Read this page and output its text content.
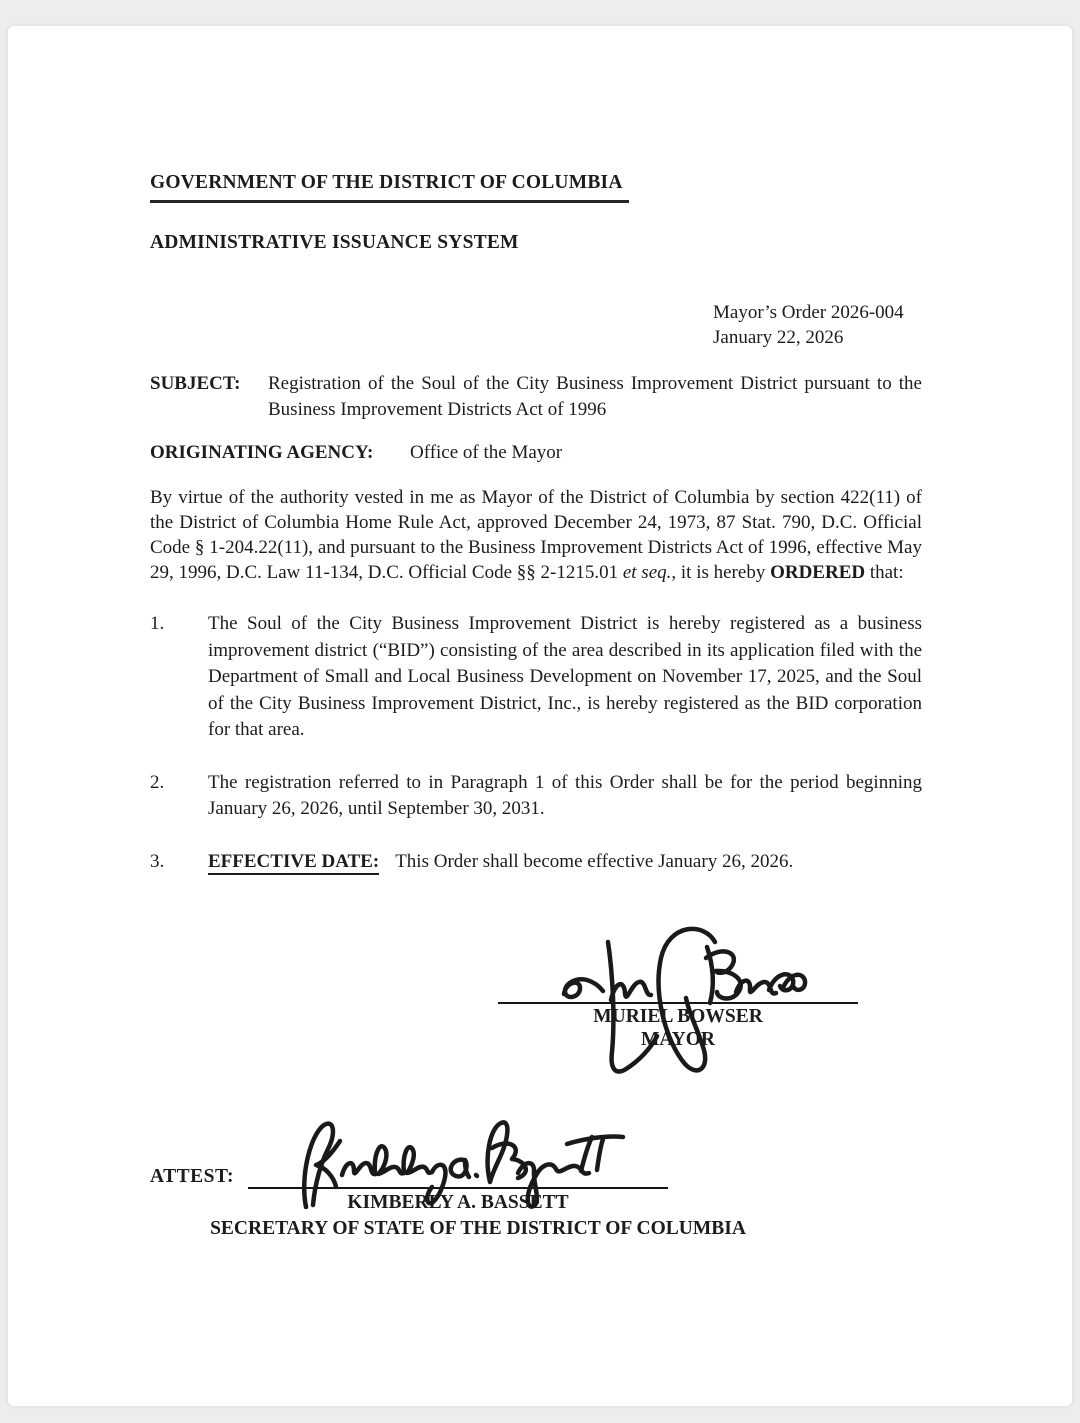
GOVERNMENT OF THE DISTRICT OF COLUMBIA
ADMINISTRATIVE ISSUANCE SYSTEM
Mayor’s Order 2026-004
January 22, 2026
SUBJECT:	Registration of the Soul of the City Business Improvement District pursuant to the Business Improvement Districts Act of 1996
ORIGINATING AGENCY:	Office of the Mayor

By virtue of the authority vested in me as Mayor of the District of Columbia by section 422(11) of the District of Columbia Home Rule Act, approved December 24, 1973, 87 Stat. 790, D.C. Official Code § 1-204.22(11), and pursuant to the Business Improvement Districts Act of 1996, effective May 29, 1996, D.C. Law 11-134, D.C. Official Code §§ 2-1215.01 et seq., it is hereby ORDERED that:

1.	The Soul of the City Business Improvement District is hereby registered as a business improvement district (“BID”) consisting of the area described in its application filed with the Department of Small and Local Business Development on November 17, 2025, and the Soul of the City Business Improvement District, Inc., is hereby registered as the BID corporation for that area.
2.	The registration referred to in Paragraph 1 of this Order shall be for the period beginning January 26, 2026, until September 30, 2031.
3.	EFFECTIVE DATE: This Order shall become effective January 26, 2026.
MURIEL BOWSER
MAYOR
ATTEST:
KIMBERLY A. BASSETT
SECRETARY OF STATE OF THE DISTRICT OF COLUMBIA
